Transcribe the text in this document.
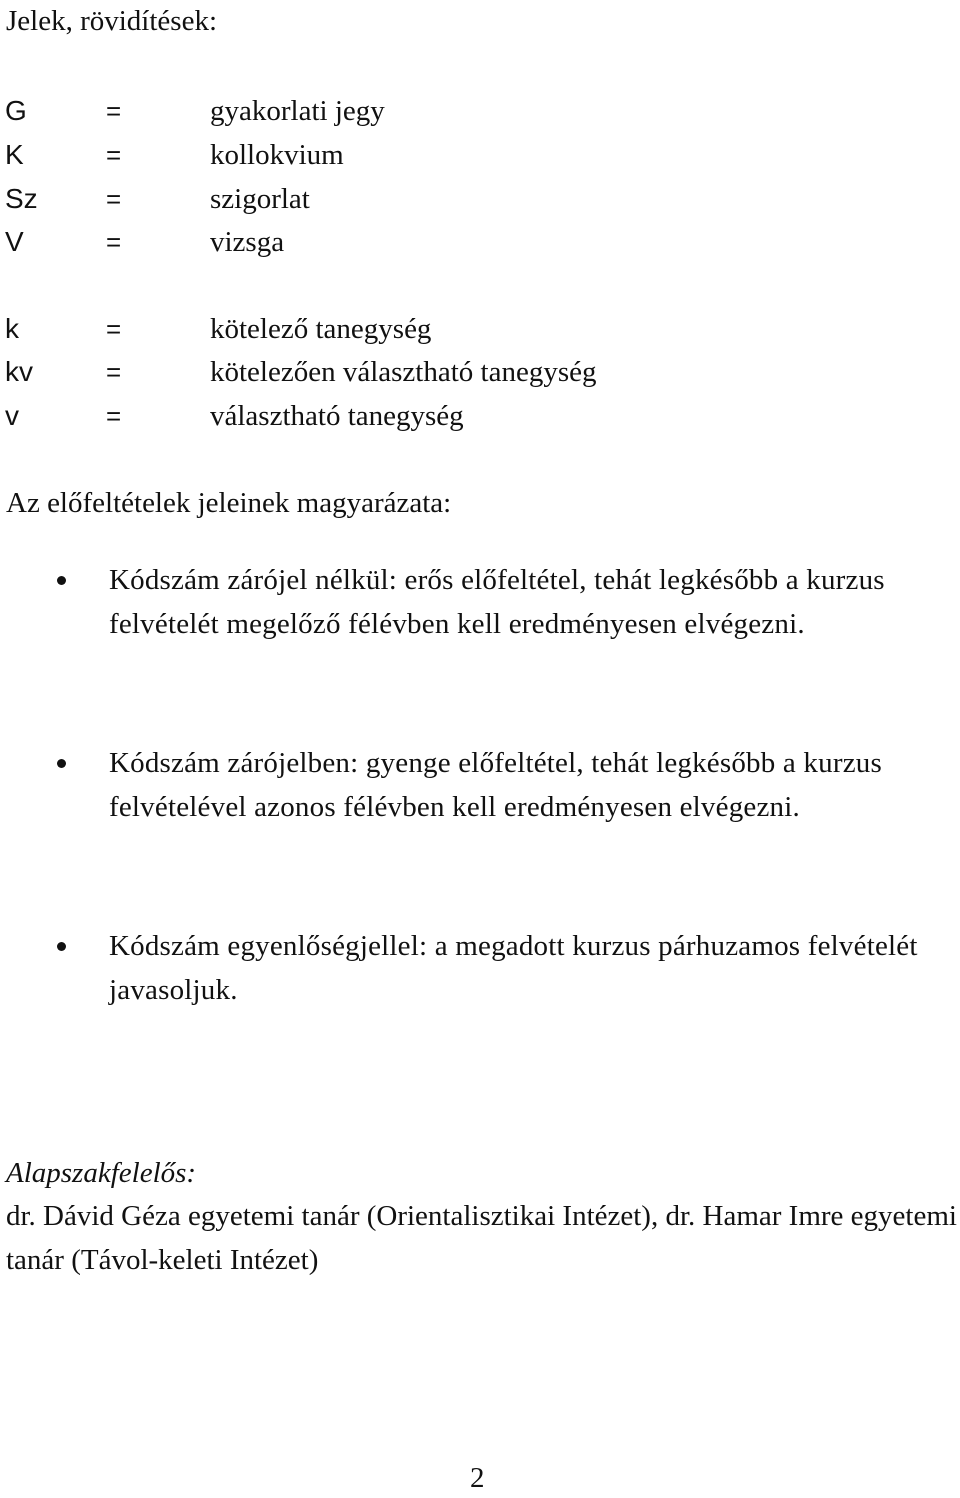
Jelek, rövidítések:
G	=	gyakorlati jegy
K	=	kollokvium
Sz	=	szigorlat
V	=	vizsga
k	=	kötelező tanegység
kv	=	kötelezően választható tanegység
v	=	választható tanegység
Az előfeltételek jeleinek magyarázata:
Kódszám zárójel nélkül: erős előfeltétel, tehát legkésőbb a kurzus felvételét megelőző félévben kell eredményesen elvégezni.
Kódszám zárójelben: gyenge előfeltétel, tehát legkésőbb a kurzus felvételével azonos félévben kell eredményesen elvégezni.
Kódszám egyenlőségjellel: a megadott kurzus párhuzamos felvételét javasoljuk.
Alapszakfelelős:
dr. Dávid Géza egyetemi tanár (Orientalisztikai Intézet), dr. Hamar Imre egyetemi tanár (Távol-keleti Intézet)
2
